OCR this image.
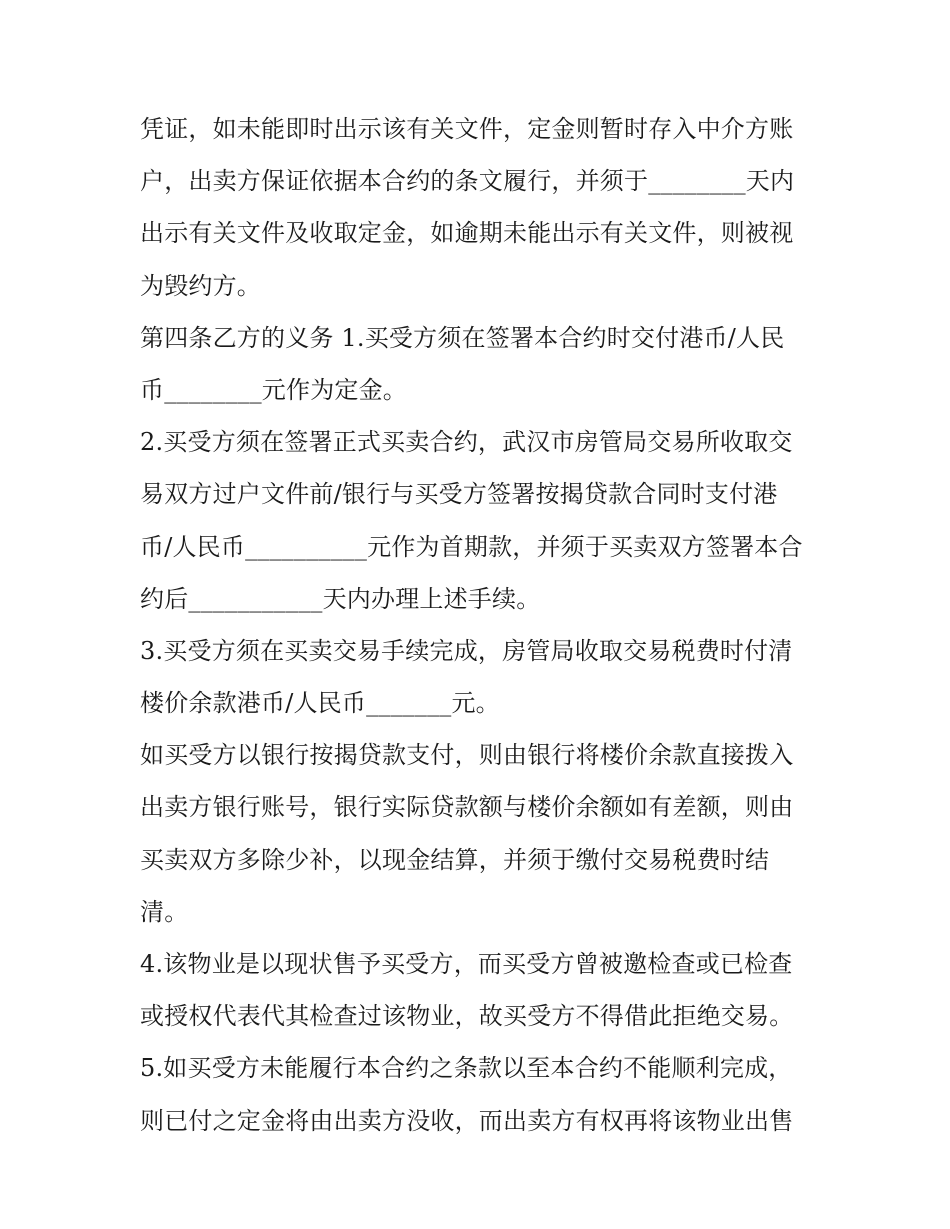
凭证，如未能即时出示该有关文件，定金则暂时存入中介方账
户，出卖方保证依据本合约的条文履行，并须于________天内
出示有关文件及收取定金，如逾期未能出示有关文件，则被视
为毁约方。
第四条乙方的义务 1.买受方须在签署本合约时交付港币/人民
币________元作为定金。
2.买受方须在签署正式买卖合约，武汉市房管局交易所收取交
易双方过户文件前/银行与买受方签署按揭贷款合同时支付港
币/人民币__________元作为首期款，并须于买卖双方签署本合
约后___________天内办理上述手续。
3.买受方须在买卖交易手续完成，房管局收取交易税费时付清
楼价余款港币/人民币_______元。
如买受方以银行按揭贷款支付，则由银行将楼价余款直接拨入
出卖方银行账号，银行实际贷款额与楼价余额如有差额，则由
买卖双方多除少补，以现金结算，并须于缴付交易税费时结
清。
4.该物业是以现状售予买受方，而买受方曾被邀检查或已检查
或授权代表代其检查过该物业，故买受方不得借此拒绝交易。
5.如买受方未能履行本合约之条款以至本合约不能顺利完成，
则已付之定金将由出卖方没收，而出卖方有权再将该物业出售
